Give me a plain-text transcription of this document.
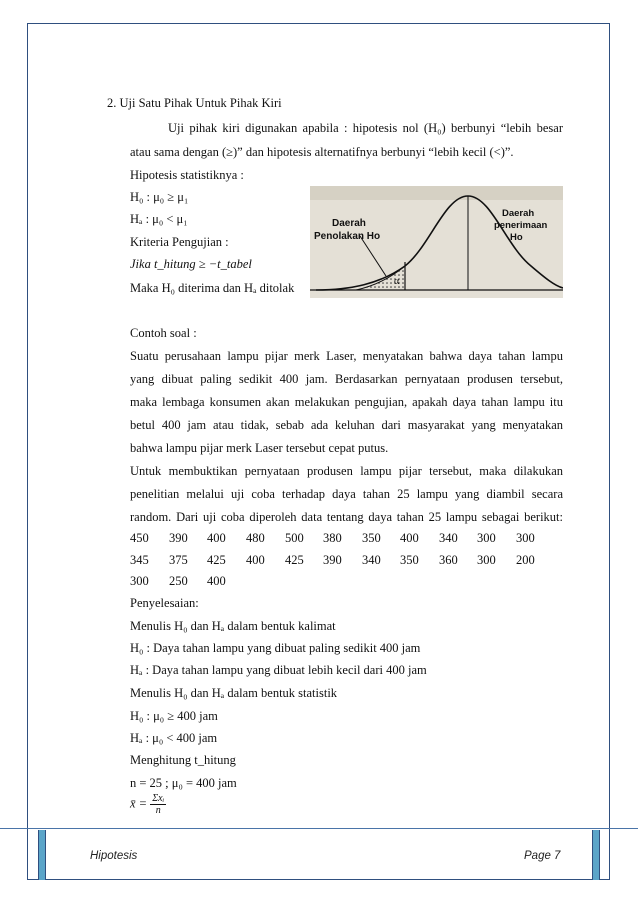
2. Uji Satu Pihak Untuk Pihak Kiri
Uji pihak kiri digunakan apabila : hipotesis nol (H₀) berbunyi “lebih besar
atau sama dengan (≥)” dan hipotesis alternatifnya berbunyi “lebih kecil (<)”.
Hipotesis statistiknya :
H₀ : μ₀ ≥ μ₁
Hₐ : μ₀ < μ₁
Kriteria Pengujian :
Jika t_hitung ≥ −t_tabel
Maka H₀ diterima dan Hₐ ditolak
Daerah
Penolakan Ho
Daerah
penerimaan
Ho
α
Contoh soal :
Suatu perusahaan lampu pijar merk Laser, menyatakan bahwa daya tahan lampu
yang dibuat paling sedikit 400 jam. Berdasarkan pernyataan produsen tersebut,
maka lembaga konsumen akan melakukan pengujian, apakah daya tahan lampu itu
betul 400 jam atau tidak, sebab ada keluhan dari masyarakat yang menyatakan
bahwa lampu pijar merk Laser tersebut cepat putus.
Untuk membuktikan pernyataan produsen lampu pijar tersebut, maka dilakukan
penelitian melalui uji coba terhadap daya tahan 25 lampu yang diambil secara
random. Dari uji coba diperoleh data tentang daya tahan 25 lampu sebagai berikut:
450 390 400 480 500 380 350 400 340 300 300
345 375 425 400 425 390 340 350 360 300 200
300 250 400
Penyelesaian:
Menulis H₀ dan Hₐ dalam bentuk kalimat
H₀ : Daya tahan lampu yang dibuat paling sedikit 400 jam
Hₐ : Daya tahan lampu yang dibuat lebih kecil dari 400 jam
Menulis H₀ dan Hₐ dalam bentuk statistik
H₀ : μ₀ ≥ 400 jam
Hₐ : μ₀ < 400 jam
Menghitung t_hitung
n = 25 ; μ₀ = 400 jam
x̄ = $\frac{\text{Σxᵢ}}{n}$
Hipotesis	Page 7
